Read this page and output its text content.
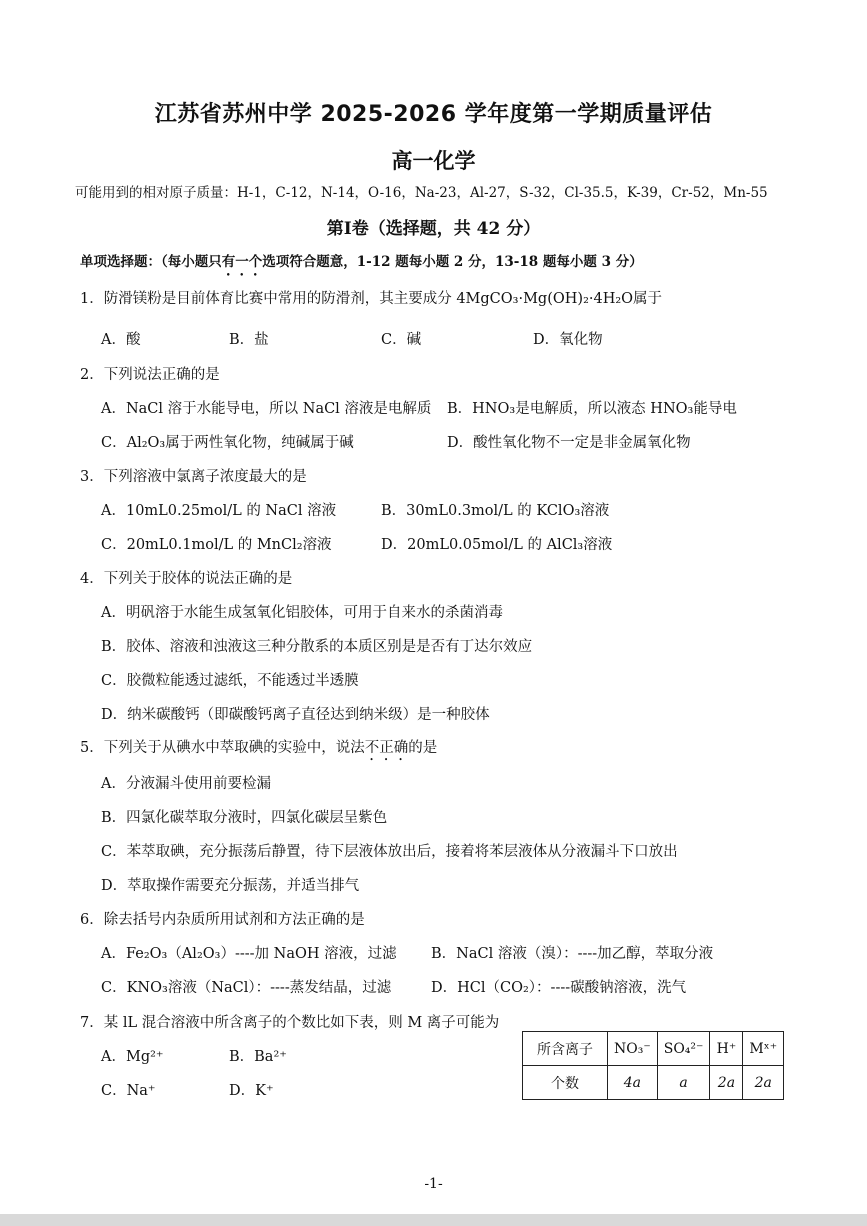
江苏省苏州中学 2025-2026 学年度第一学期质量评估
高一化学
可能用到的相对原子质量：H-1，C-12，N-14，O-16，Na-23，Al-27，S-32，Cl-35.5，K-39，Cr-52，Mn-55
第Ⅰ卷（选择题，共 42 分）
单项选择题：（每小题只有一个选项符合题意，1-12 题每小题 2 分，13-18 题每小题 3 分）
1．防滑镁粉是目前体育比赛中常用的防滑剂，其主要成分 4MgCO₃·Mg(OH)₂·4H₂O属于
A．酸	B．盐	C．碱	D．氧化物
2．下列说法正确的是
A．NaCl 溶于水能导电，所以 NaCl 溶液是电解质 B．HNO₃是电解质，所以液态 HNO₃能导电
C．Al₂O₃属于两性氧化物，纯碱属于碱	D．酸性氧化物不一定是非金属氧化物
3．下列溶液中氯离子浓度最大的是
A．10mL0.25mol/L 的 NaCl 溶液	B．30mL0.3mol/L 的 KClO₃溶液
C．20mL0.1mol/L 的 MnCl₂溶液	D．20mL0.05mol/L 的 AlCl₃溶液
4．下列关于胶体的说法正确的是
A．明矾溶于水能生成氢氧化铝胶体，可用于自来水的杀菌消毒
B．胶体、溶液和浊液这三种分散系的本质区别是是否有丁达尔效应
C．胶微粒能透过滤纸，不能透过半透膜
D．纳米碳酸钙（即碳酸钙离子直径达到纳米级）是一种胶体
5．下列关于从碘水中萃取碘的实验中，说法不正确的是
A．分液漏斗使用前要检漏
B．四氯化碳萃取分液时，四氯化碳层呈紫色
C．苯萃取碘，充分振荡后静置，待下层液体放出后，接着将苯层液体从分液漏斗下口放出
D．萃取操作需要充分振荡，并适当排气
6．除去括号内杂质所用试剂和方法正确的是
A．Fe₂O₃（Al₂O₃）----加 NaOH 溶液，过滤 B．NaCl 溶液（溴）：----加乙醇，萃取分液
C．KNO₃溶液（NaCl）：----蒸发结晶，过滤	D．HCl（CO₂）：----碳酸钠溶液，洗气
7．某 lL 混合溶液中所含离子的个数比如下表，则 M 离子可能为
A．Mg²⁺	B．Ba²⁺
C．Na⁺	D．K⁺
所含离子	NO₃⁻	SO₄²⁻	H⁺	Mˣ⁺
个数	4a	a	2a	2a
-1-
